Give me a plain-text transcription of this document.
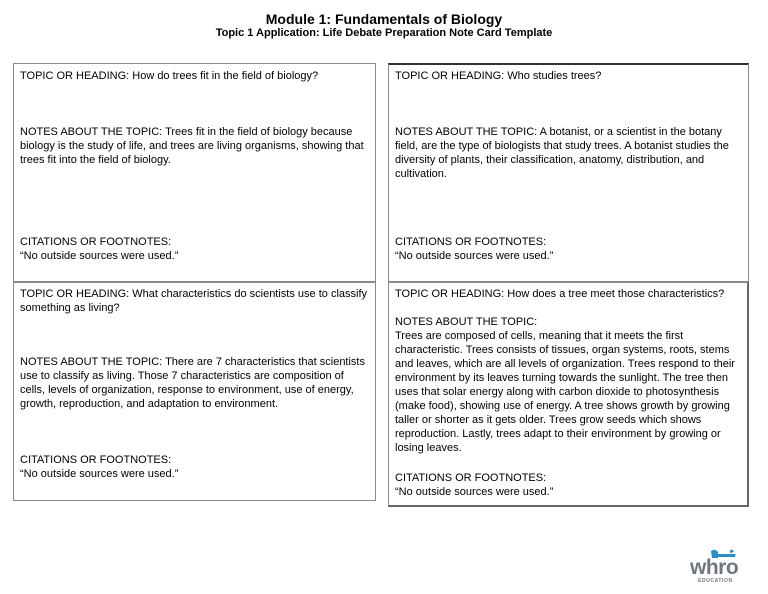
Module 1: Fundamentals of Biology
Topic 1 Application: Life Debate Preparation Note Card Template
TOPIC OR HEADING: How do trees fit in the field of biology?
NOTES ABOUT THE TOPIC: Trees fit in the field of biology because biology is the study of life, and trees are living organisms, showing that trees fit into the field of biology.
CITATIONS OR FOOTNOTES:
“No outside sources were used.”
TOPIC OR HEADING: Who studies trees?
NOTES ABOUT THE TOPIC: A botanist, or a scientist in the botany field, are the type of biologists that study trees. A botanist studies the diversity of plants, their classification, anatomy, distribution, and cultivation.
CITATIONS OR FOOTNOTES:
“No outside sources were used.”
TOPIC OR HEADING: What characteristics do scientists use to classify something as living?
NOTES ABOUT THE TOPIC: There are 7 characteristics that scientists use to classify as living. Those 7 characteristics are composition of cells, levels of organization, response to environment, use of energy, growth, reproduction, and adaptation to environment.
CITATIONS OR FOOTNOTES:
“No outside sources were used.”
TOPIC OR HEADING: How does a tree meet those characteristics?
NOTES ABOUT THE TOPIC:
Trees are composed of cells, meaning that it meets the first characteristic. Trees consists of tissues, organ systems, roots, stems and leaves, which are all levels of organization. Trees respond to their environment by its leaves turning towards the sunlight. The tree then uses that solar energy along with carbon dioxide to photosynthesis (make food), showing use of energy. A tree shows growth by growing taller or shorter as it gets older. Trees grow seeds which shows reproduction. Lastly, trees adapt to their environment by growing or losing leaves.
CITATIONS OR FOOTNOTES:
“No outside sources were used.”
whro
EDUCATION
